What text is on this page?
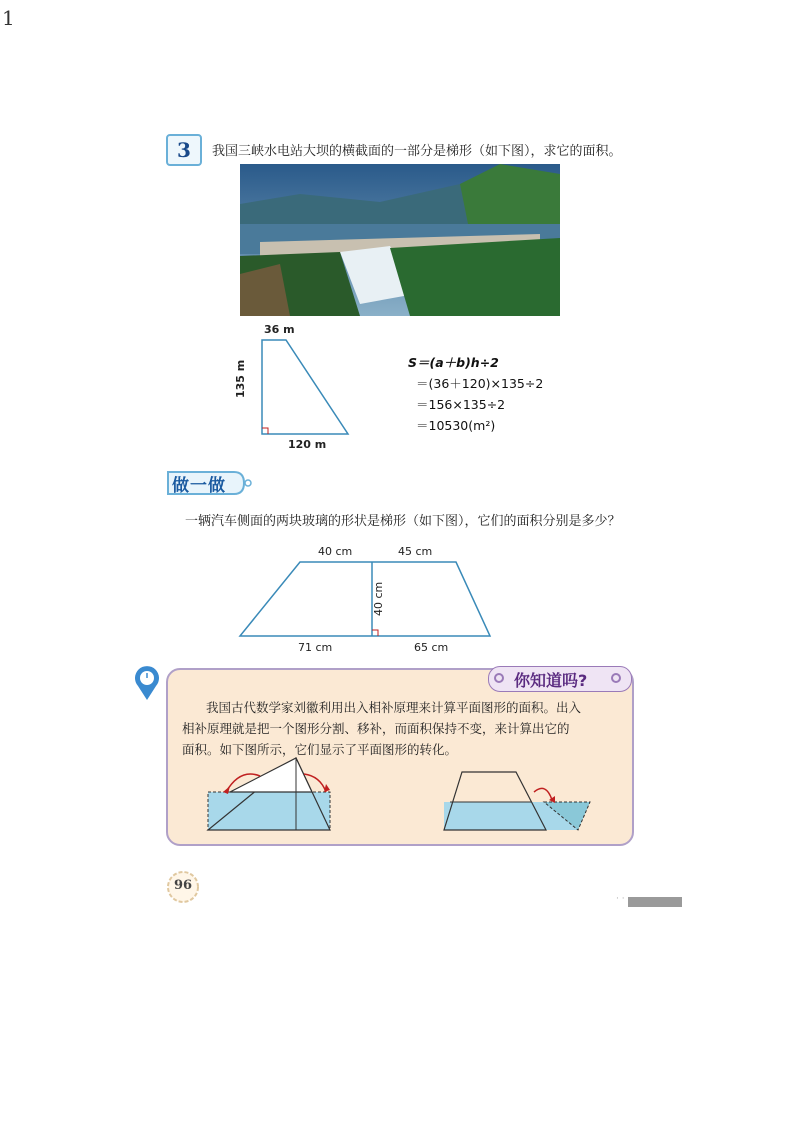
1
3	我国三峡水电站大坝的横截面的一部分是梯形（如下图），求它的面积。
36 m
135 m
120 m
S＝(a＋b)h÷2
＝(36＋120)×135÷2
＝156×135÷2
＝10530(m²)
做一做
一辆汽车侧面的两块玻璃的形状是梯形（如下图），它们的面积分别是多少？
40 cm	45 cm
40 cm
71 cm	65 cm
你知道吗?
我国古代数学家刘徽利用出入相补原理来计算平面图形的面积。出入
相补原理就是把一个图形分割、移补，而面积保持不变，来计算出它的
面积。如下图所示，它们显示了平面图形的转化。
96
· ·
